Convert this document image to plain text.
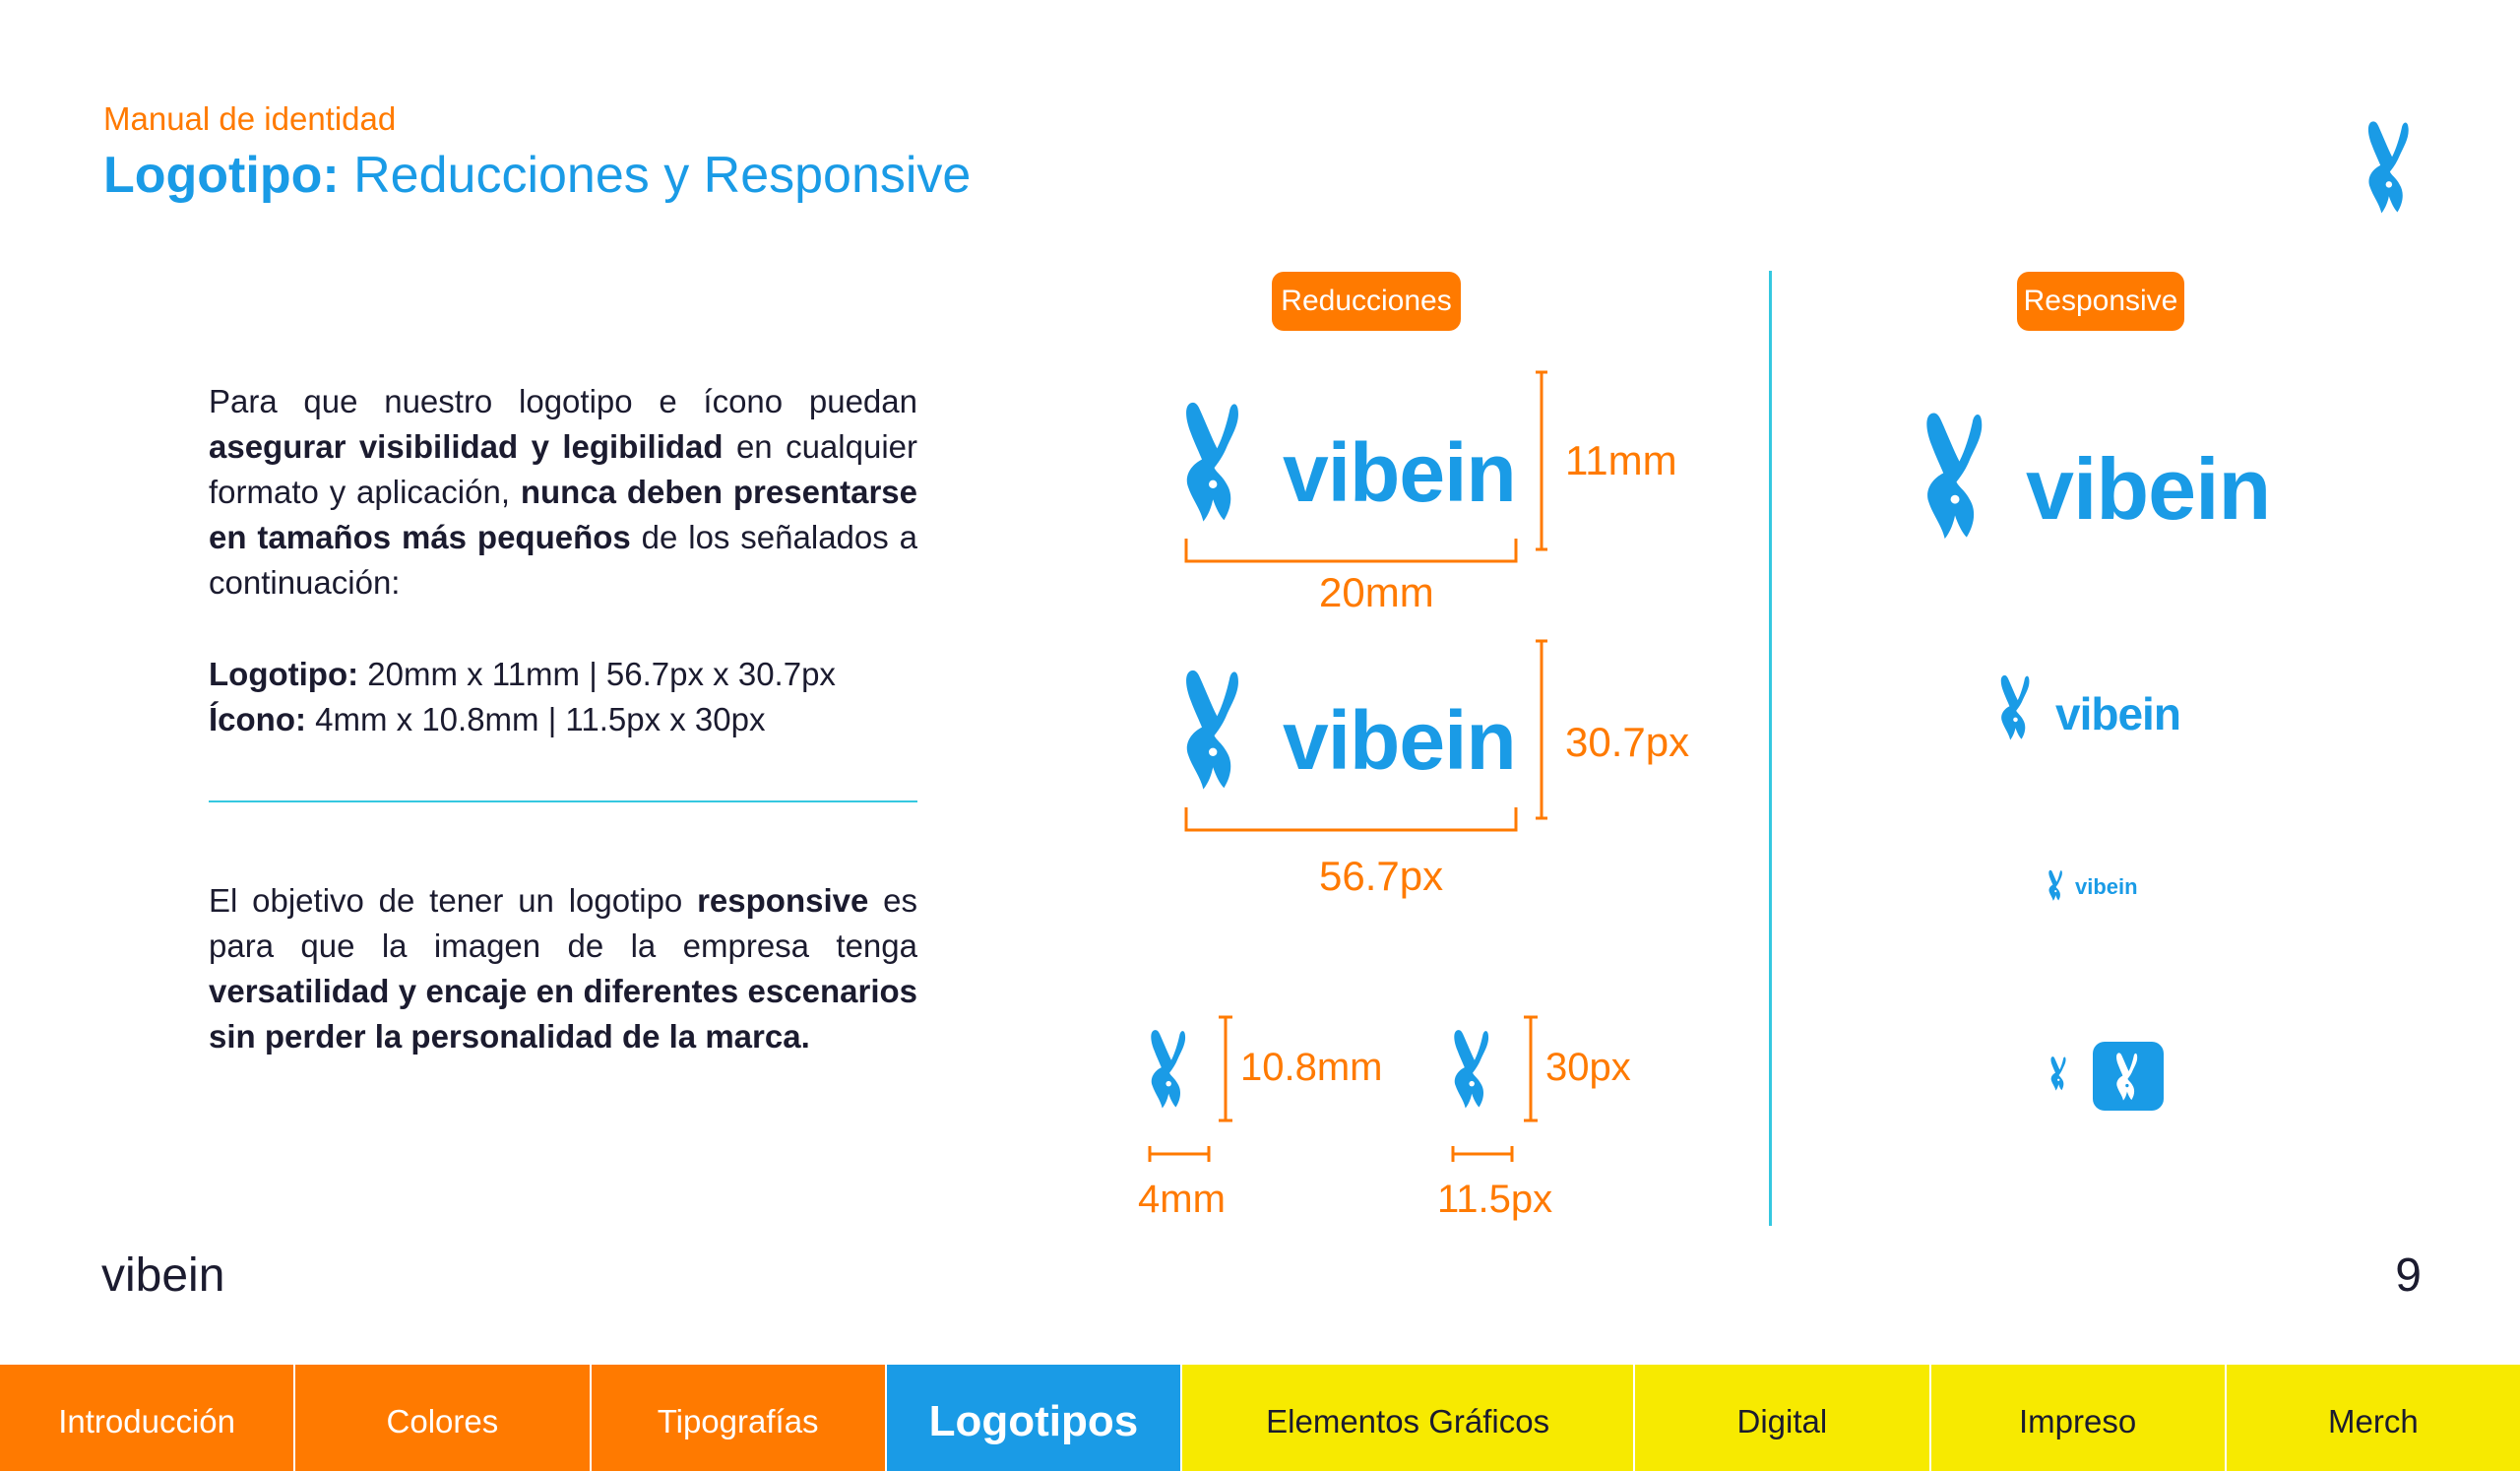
Manual de identidad
Logotipo: Reducciones y Responsive
Para que nuestro logotipo e ícono puedan asegurar visibilidad y legibilidad en cualquier formato y aplicación, nunca deben presentarse en tamaños más pequeños de los señalados a continuación:
Logotipo: 20mm x 11mm | 56.7px x 30.7px
Ícono: 4mm x 10.8mm | 11.5px x 30px
El objetivo de tener un logotipo responsive es para que la imagen de la empresa tenga versatilidad y encaje en diferentes escenarios sin perder la personalidad de la marca.
Reducciones
vibein 11mm
20mm
vibein 30.7px
56.7px
10.8mm
4mm
30px
11.5px
Responsive
vibein
vibein
vibein
vibein	9
Introducción	Colores	Tipografías	Logotipos	Elementos Gráficos	Digital	Impreso	Merch
